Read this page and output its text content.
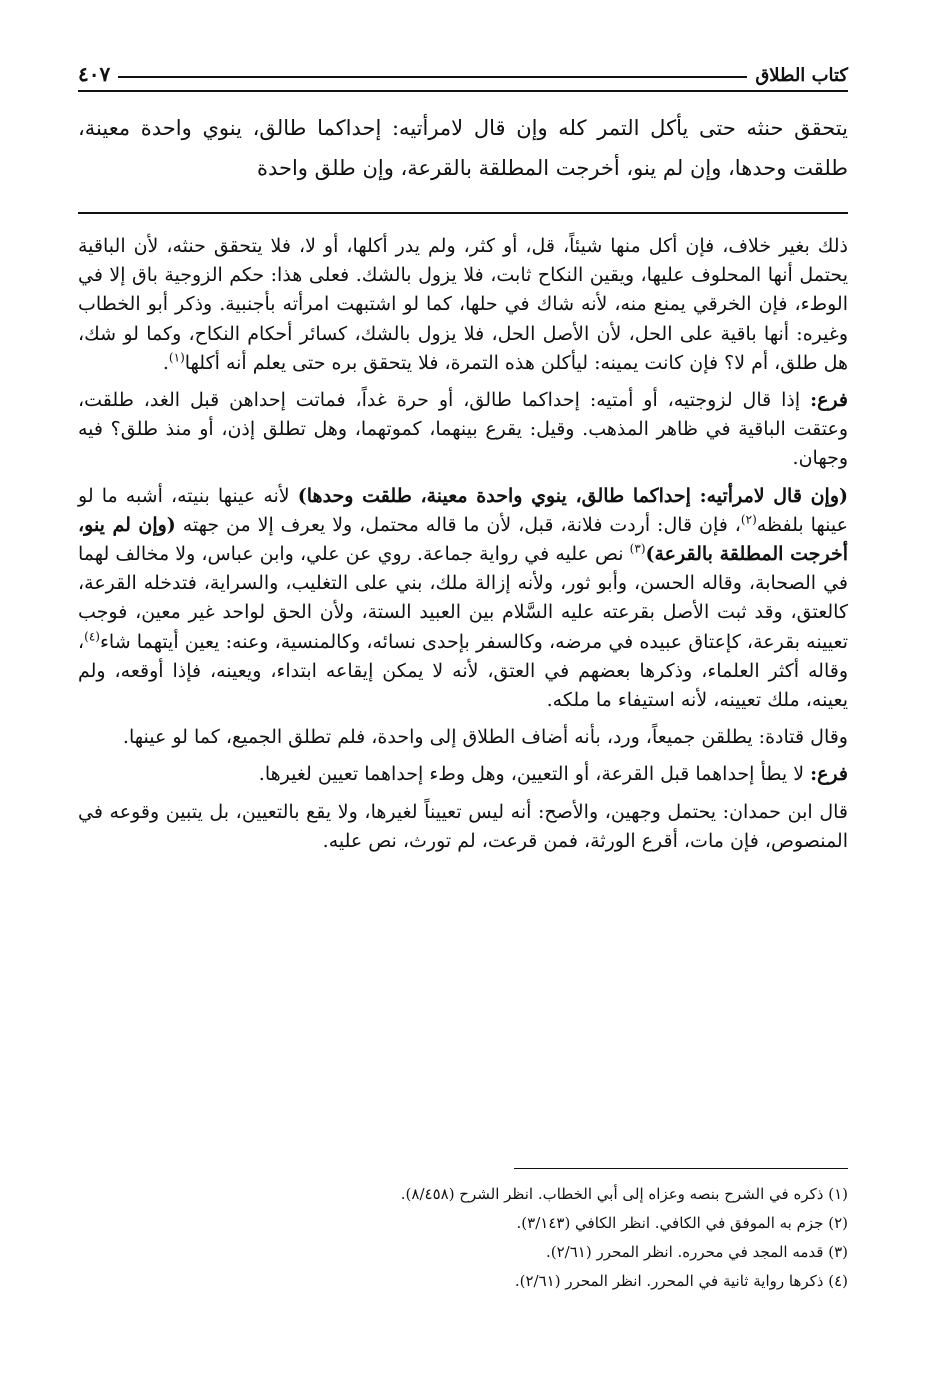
كتاب الطلاق
٤٠٧

يتحقق حنثه حتى يأكل التمر كله وإن قال لامرأتيه: إحداكما طالق، ينوي واحدة معينة، طلقت وحدها، وإن لم ينو، أخرجت المطلقة بالقرعة، وإن طلق واحدة

ذلك بغير خلاف، فإن أكل منها شيئاً، قل، أو كثر، ولم يدر أكلها، أو لا، فلا يتحقق حنثه، لأن الباقية يحتمل أنها المحلوف عليها، ويقين النكاح ثابت، فلا يزول بالشك. فعلى هذا: حكم الزوجية باق إلا في الوطء، فإن الخرقي يمنع منه، لأنه شاك في حلها، كما لو اشتبهت امرأته بأجنبية. وذكر أبو الخطاب وغيره: أنها باقية على الحل، لأن الأصل الحل، فلا يزول بالشك، كسائر أحكام النكاح، وكما لو شك، هل طلق، أم لا؟ فإن كانت يمينه: ليأكلن هذه التمرة، فلا يتحقق بره حتى يعلم أنه أكلها$^{(١)}$.

فرع: إذا قال لزوجتيه، أو أمتيه: إحداكما طالق، أو حرة غداً، فماتت إحداهن قبل الغد، طلقت، وعتقت الباقية في ظاهر المذهب. وقيل: يقرع بينهما، كموتهما، وهل تطلق إذن، أو منذ طلق؟ فيه وجهان.

(وإن قال لامرأتيه: إحداكما طالق، ينوي واحدة معينة، طلقت وحدها) لأنه عينها بنيته، أشبه ما لو عينها بلفظه$^{(٢)}$، فإن قال: أردت فلانة، قبل، لأن ما قاله محتمل، ولا يعرف إلا من جهته (وإن لم ينو، أخرجت المطلقة بالقرعة)$^{(٣)}$ نص عليه في رواية جماعة. روي عن علي، وابن عباس، ولا مخالف لهما في الصحابة، وقاله الحسن، وأبو ثور، ولأنه إزالة ملك، بني على التغليب، والسراية، فتدخله القرعة، كالعتق، وقد ثبت الأصل بقرعته عليه السَّلام بين العبيد الستة، ولأن الحق لواحد غير معين، فوجب تعيينه بقرعة، كإعتاق عبيده في مرضه، وكالسفر بإحدى نسائه، وكالمنسية، وعنه: يعين أيتهما شاء$^{(٤)}$، وقاله أكثر العلماء، وذكرها بعضهم في العتق، لأنه لا يمكن إيقاعه ابتداء، ويعينه، فإذا أوقعه، ولم يعينه، ملك تعيينه، لأنه استيفاء ما ملكه.

وقال قتادة: يطلقن جميعاً، ورد، بأنه أضاف الطلاق إلى واحدة، فلم تطلق الجميع، كما لو عينها.

فرع: لا يطأ إحداهما قبل القرعة، أو التعيين، وهل وطء إحداهما تعيين لغيرها.

قال ابن حمدان: يحتمل وجهين، والأصح: أنه ليس تعييناً لغيرها، ولا يقع بالتعيين، بل يتبين وقوعه في المنصوص، فإن مات، أقرع الورثة، فمن قرعت، لم تورث، نص عليه.

(١) ذكره في الشرح بنصه وعزاه إلى أبي الخطاب. انظر الشرح (٨/٤٥٨).
(٢) جزم به الموفق في الكافي. انظر الكافي (٣/١٤٣).
(٣) قدمه المجد في محرره. انظر المحرر (٢/٦١).
(٤) ذكرها رواية ثانية في المحرر. انظر المحرر (٢/٦١).
